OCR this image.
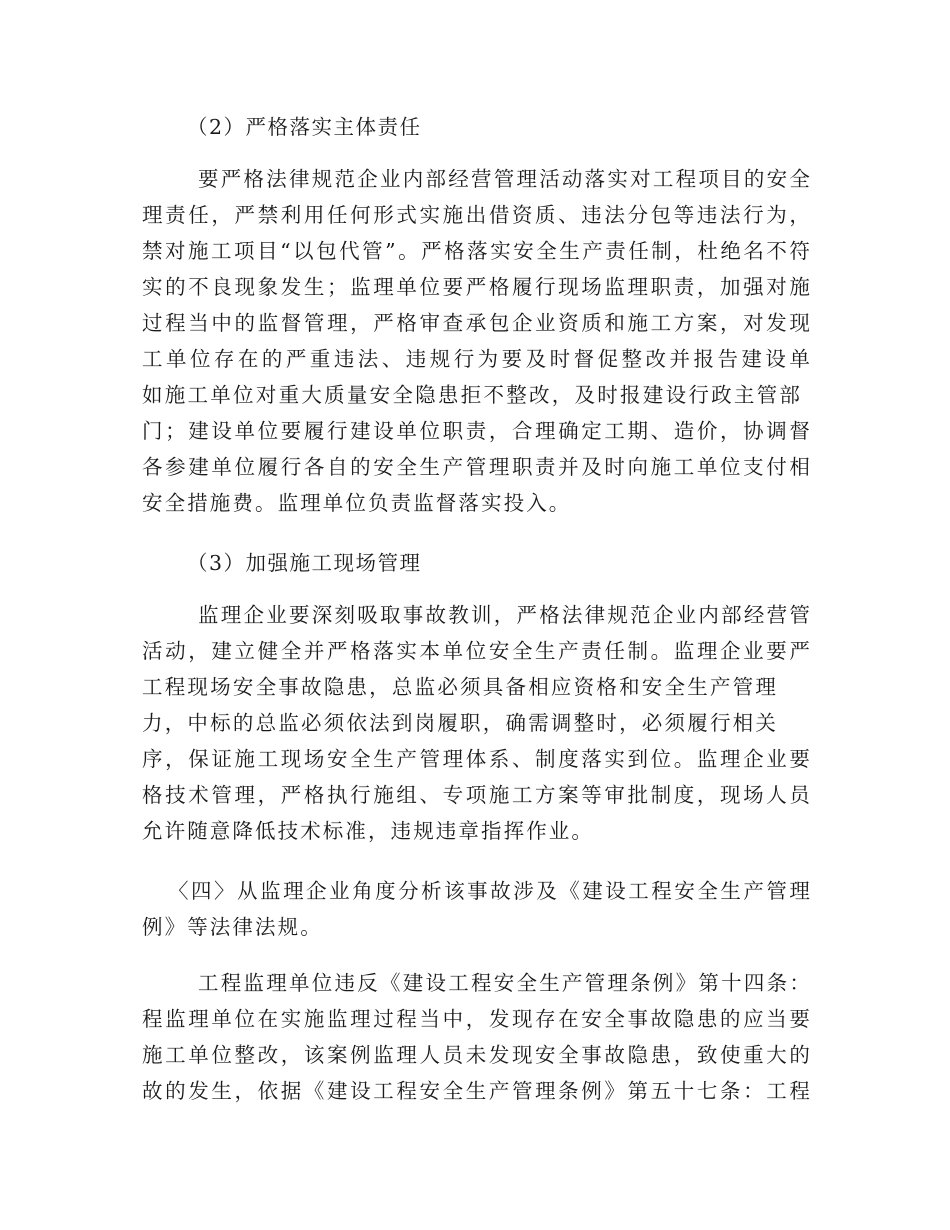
（2）严格落实主体责任
要严格法律规范企业内部经营管理活动落实对工程项目的安全
理责任，严禁利用任何形式实施出借资质、违法分包等违法行为，
禁对施工项目“以包代管”。严格落实安全生产责任制，杜绝名不符
实的不良现象发生；监理单位要严格履行现场监理职责，加强对施
过程当中的监督管理，严格审查承包企业资质和施工方案，对发现
工单位存在的严重违法、违规行为要及时督促整改并报告建设单
如施工单位对重大质量安全隐患拒不整改，及时报建设行政主管部
门；建设单位要履行建设单位职责，合理确定工期、造价，协调督
各参建单位履行各自的安全生产管理职责并及时向施工单位支付相
安全措施费。监理单位负责监督落实投入。
（3）加强施工现场管理
监理企业要深刻吸取事故教训，严格法律规范企业内部经营管
活动，建立健全并严格落实本单位安全生产责任制。监理企业要严
工程现场安全事故隐患，总监必须具备相应资格和安全生产管理
力，中标的总监必须依法到岗履职，确需调整时，必须履行相关
序，保证施工现场安全生产管理体系、制度落实到位。监理企业要
格技术管理，严格执行施组、专项施工方案等审批制度，现场人员
允许随意降低技术标准，违规违章指挥作业。
〈四〉从监理企业角度分析该事故涉及《建设工程安全生产管理
例》等法律法规。
工程监理单位违反《建设工程安全生产管理条例》第十四条：
程监理单位在实施监理过程当中，发现存在安全事故隐患的应当要
施工单位整改，该案例监理人员未发现安全事故隐患，致使重大的
故的发生，依据《建设工程安全生产管理条例》第五十七条：工程
